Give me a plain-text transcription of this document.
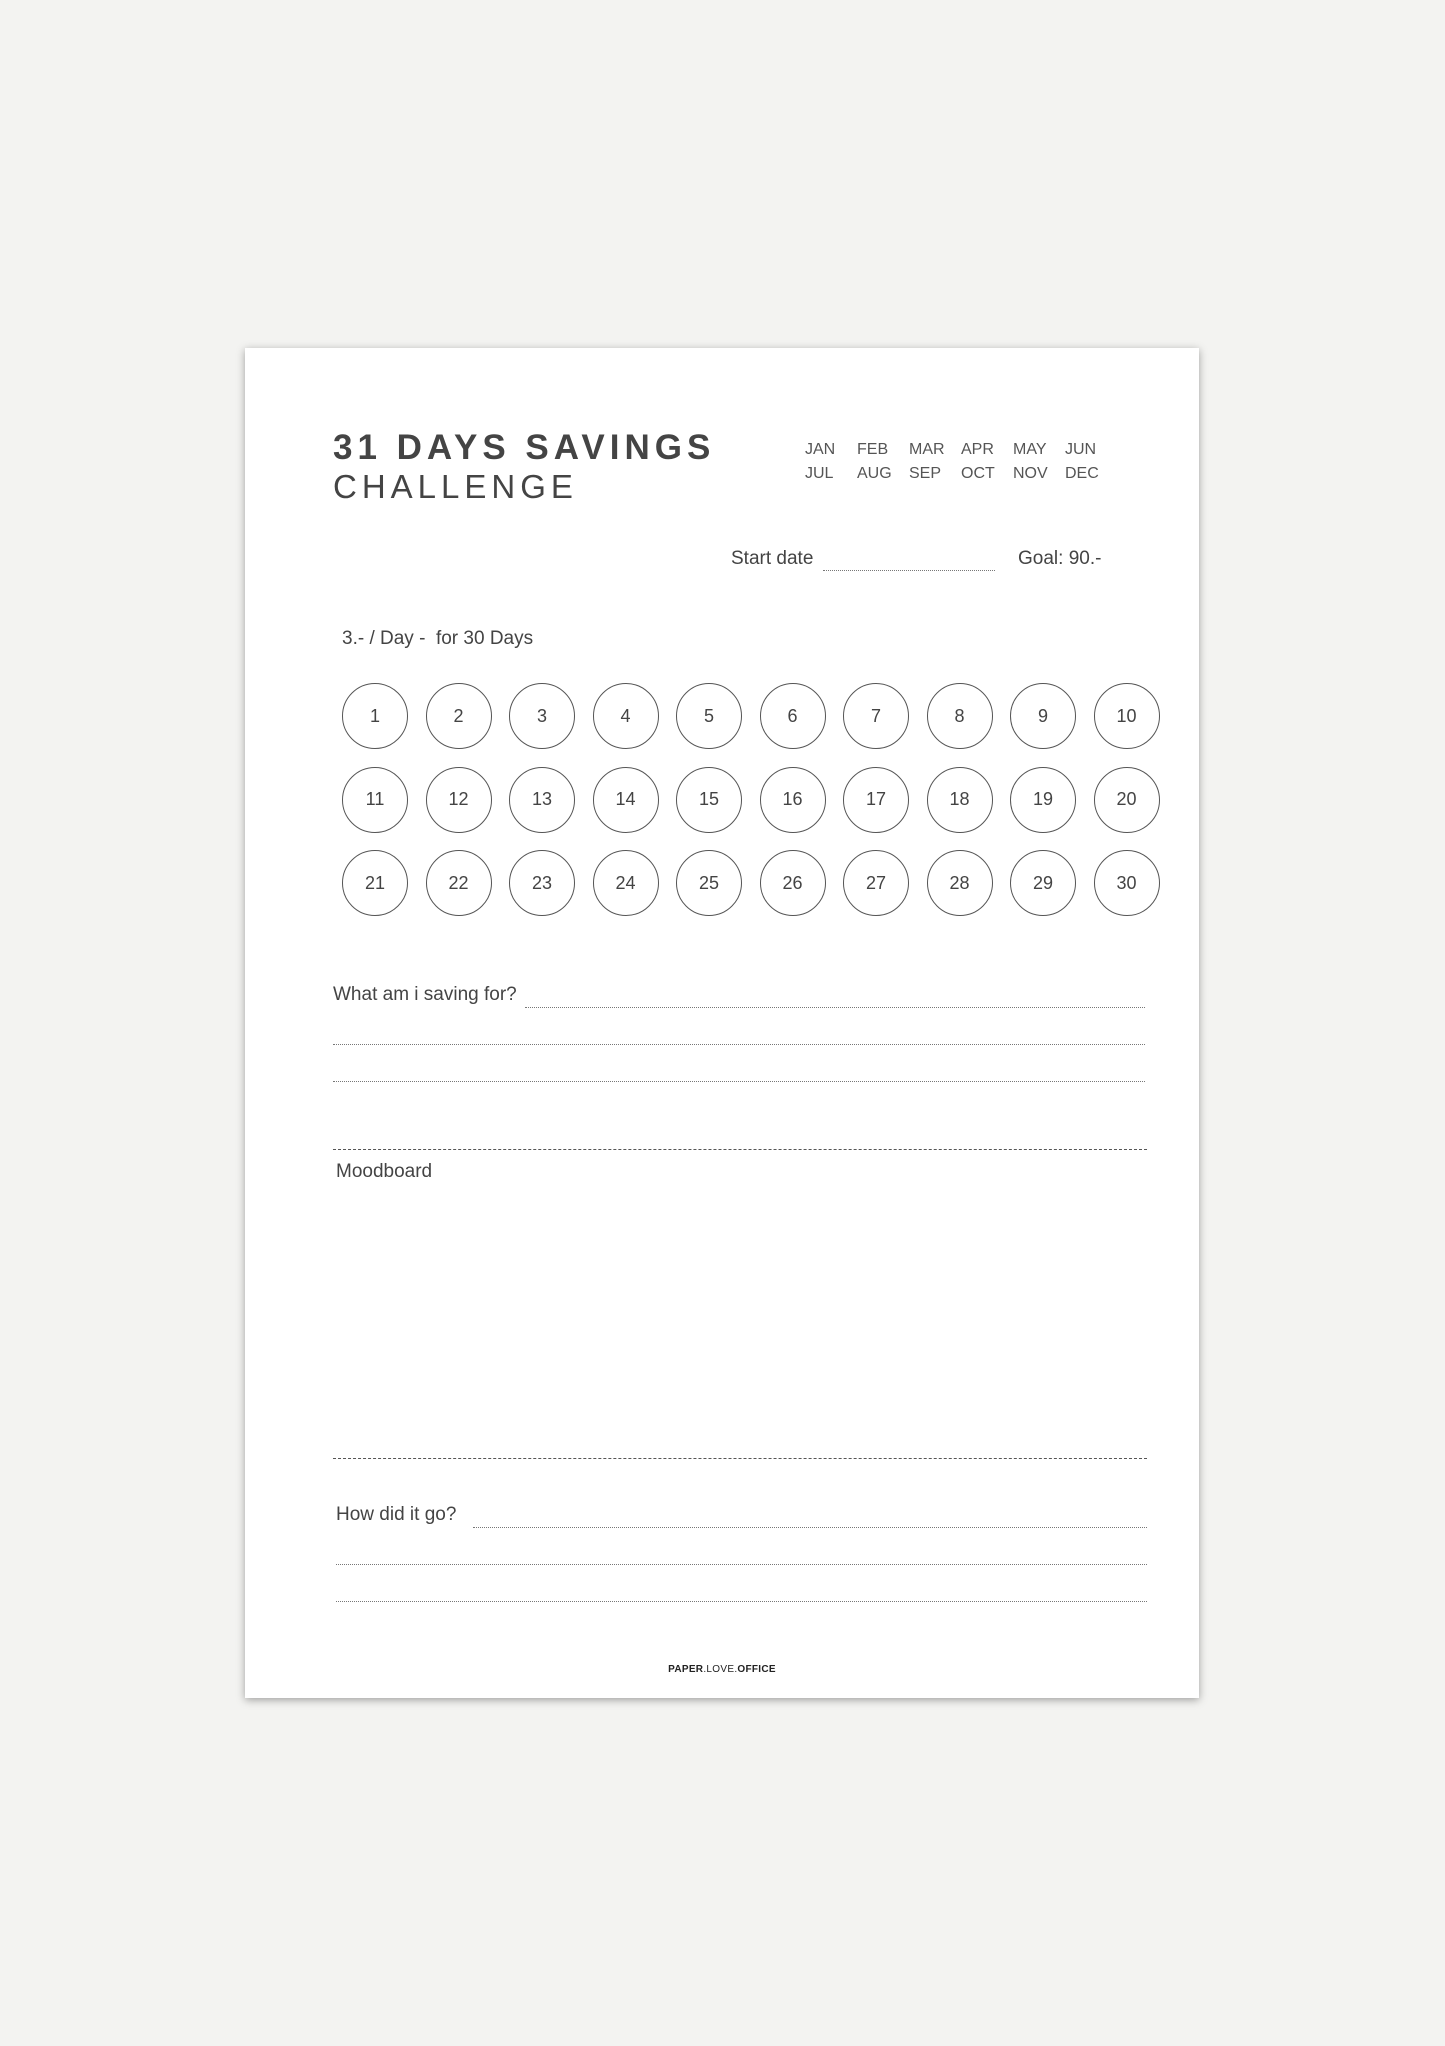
31 DAYS SAVINGS
CHALLENGE
JAN	FEB	MAR	APR	MAY	JUN
JUL	AUG	SEP	OCT	NOV	DEC
Start date	Goal: 90.-
3.- / Day -  for 30 Days
1	2	3	4	5	6	7	8	9	10
11	12	13	14	15	16	17	18	19	20
21	22	23	24	25	26	27	28	29	30
What am i saving for?
Moodboard
How did it go?
PAPER.LOVE.OFFICE
